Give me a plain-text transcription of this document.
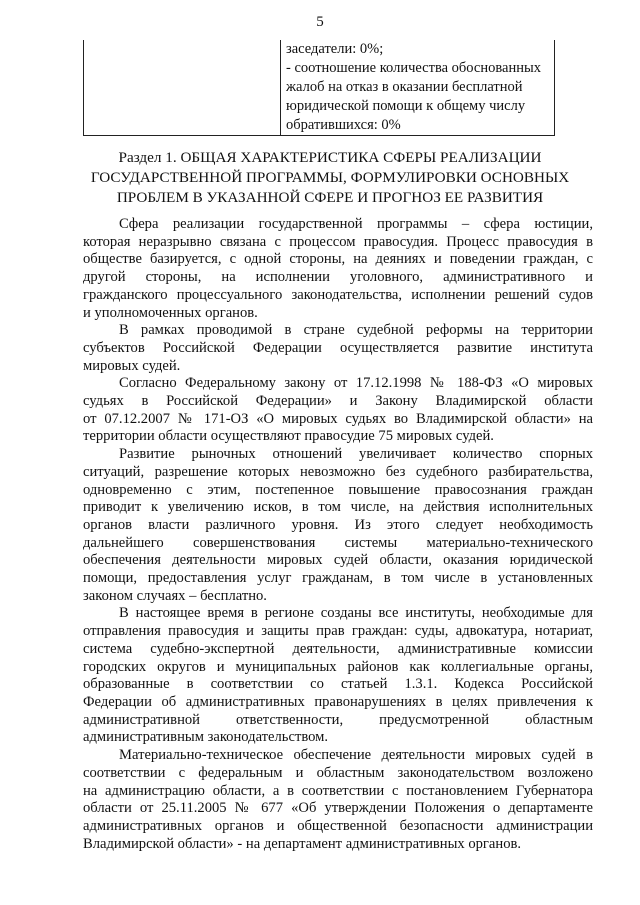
5
заседатели: 0%;
- соотношение количества обоснованных
жалоб на отказ в оказании бесплатной
юридической помощи к общему числу
обратившихся: 0%
Раздел 1. ОБЩАЯ ХАРАКТЕРИСТИКА СФЕРЫ РЕАЛИЗАЦИИ
ГОСУДАРСТВЕННОЙ ПРОГРАММЫ, ФОРМУЛИРОВКИ ОСНОВНЫХ
ПРОБЛЕМ В УКАЗАННОЙ СФЕРЕ И ПРОГНОЗ ЕЕ РАЗВИТИЯ
Сфера реализации государственной программы – сфера юстиции,
которая неразрывно связана с процессом правосудия. Процесс правосудия в
обществе базируется, с одной стороны, на деяниях и поведении граждан, с
другой стороны, на исполнении уголовного, административного и
гражданского процессуального законодательства, исполнении решений судов
и уполномоченных органов.
В рамках проводимой в стране судебной реформы на территории
субъектов Российской Федерации осуществляется развитие института
мировых судей.
Согласно Федеральному закону от 17.12.1998 № 188-ФЗ «О мировых
судьях в Российской Федерации» и Закону Владимирской области
от 07.12.2007 № 171-ОЗ «О мировых судьях во Владимирской области» на
территории области осуществляют правосудие 75 мировых судей.
Развитие рыночных отношений увеличивает количество спорных
ситуаций, разрешение которых невозможно без судебного разбирательства,
одновременно с этим, постепенное повышение правосознания граждан
приводит к увеличению исков, в том числе, на действия исполнительных
органов власти различного уровня. Из этого следует необходимость
дальнейшего совершенствования системы материально-технического
обеспечения деятельности мировых судей области, оказания юридической
помощи, предоставления услуг гражданам, в том числе в установленных
законом случаях – бесплатно.
В настоящее время в регионе созданы все институты, необходимые для
отправления правосудия и защиты прав граждан: суды, адвокатура, нотариат,
система судебно-экспертной деятельности, административные комиссии
городских округов и муниципальных районов как коллегиальные органы,
образованные в соответствии со статьей 1.3.1. Кодекса Российской
Федерации об административных правонарушениях в целях привлечения к
административной ответственности, предусмотренной областным
административным законодательством.
Материально-техническое обеспечение деятельности мировых судей в
соответствии с федеральным и областным законодательством возложено
на администрацию области, а в соответствии с постановлением Губернатора
области от 25.11.2005 № 677 «Об утверждении Положения о департаменте
административных органов и общественной безопасности администрации
Владимирской области» - на департамент административных органов.
